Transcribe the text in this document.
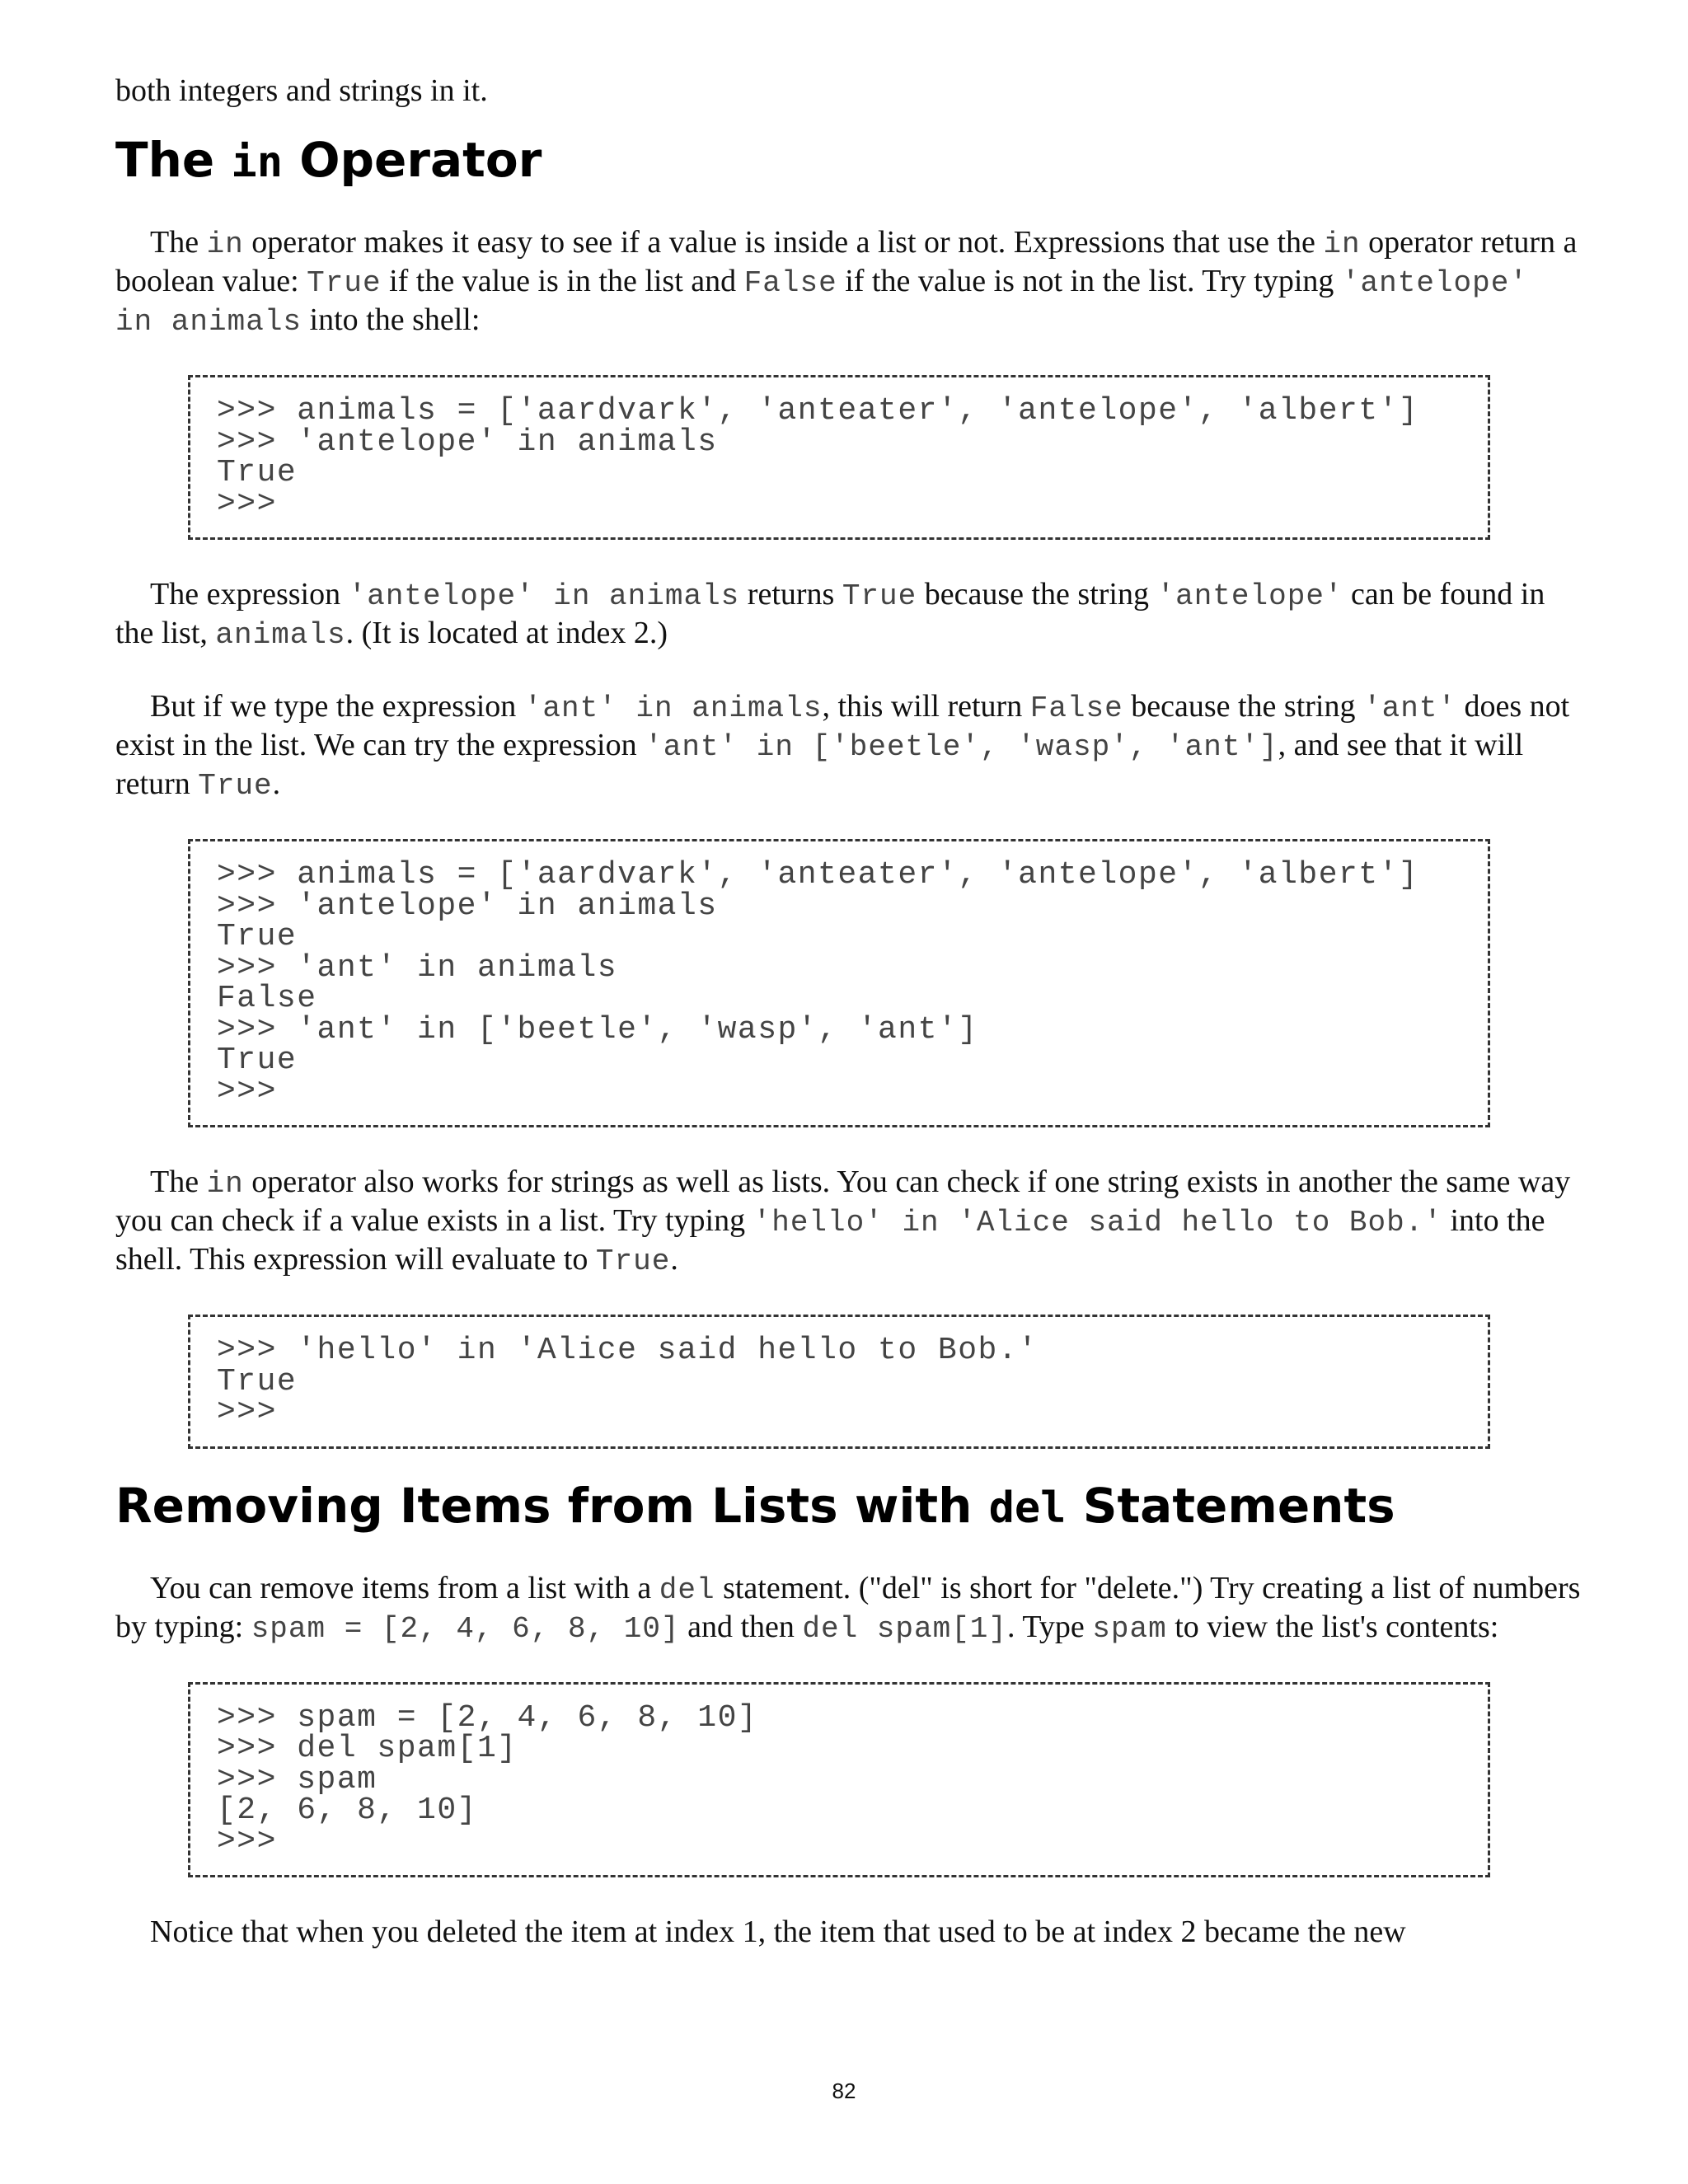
both integers and strings in it.

The in Operator

The in operator makes it easy to see if a value is inside a list or not. Expressions that use the in operator return a boolean value: True if the value is in the list and False if the value is not in the list. Try typing 'antelope' in animals into the shell:

>>> animals = ['aardvark', 'anteater', 'antelope', 'albert']
>>> 'antelope' in animals
True
>>>

The expression 'antelope' in animals returns True because the string 'antelope' can be found in the list, animals. (It is located at index 2.)

But if we type the expression 'ant' in animals, this will return False because the string 'ant' does not exist in the list. We can try the expression 'ant' in ['beetle', 'wasp', 'ant'], and see that it will return True.

>>> animals = ['aardvark', 'anteater', 'antelope', 'albert']
>>> 'antelope' in animals
True
>>> 'ant' in animals
False
>>> 'ant' in ['beetle', 'wasp', 'ant']
True
>>>

The in operator also works for strings as well as lists. You can check if one string exists in another the same way you can check if a value exists in a list. Try typing 'hello' in 'Alice said hello to Bob.' into the shell. This expression will evaluate to True.

>>> 'hello' in 'Alice said hello to Bob.'
True
>>>
Removing Items from Lists with del Statements

You can remove items from a list with a del statement. ("del" is short for "delete.") Try creating a list of numbers by typing: spam = [2, 4, 6, 8, 10] and then del spam[1]. Type spam to view the list's contents:

>>> spam = [2, 4, 6, 8, 10]
>>> del spam[1]
>>> spam
[2, 6, 8, 10]
>>>

Notice that when you deleted the item at index 1, the item that used to be at index 2 became the new

82
